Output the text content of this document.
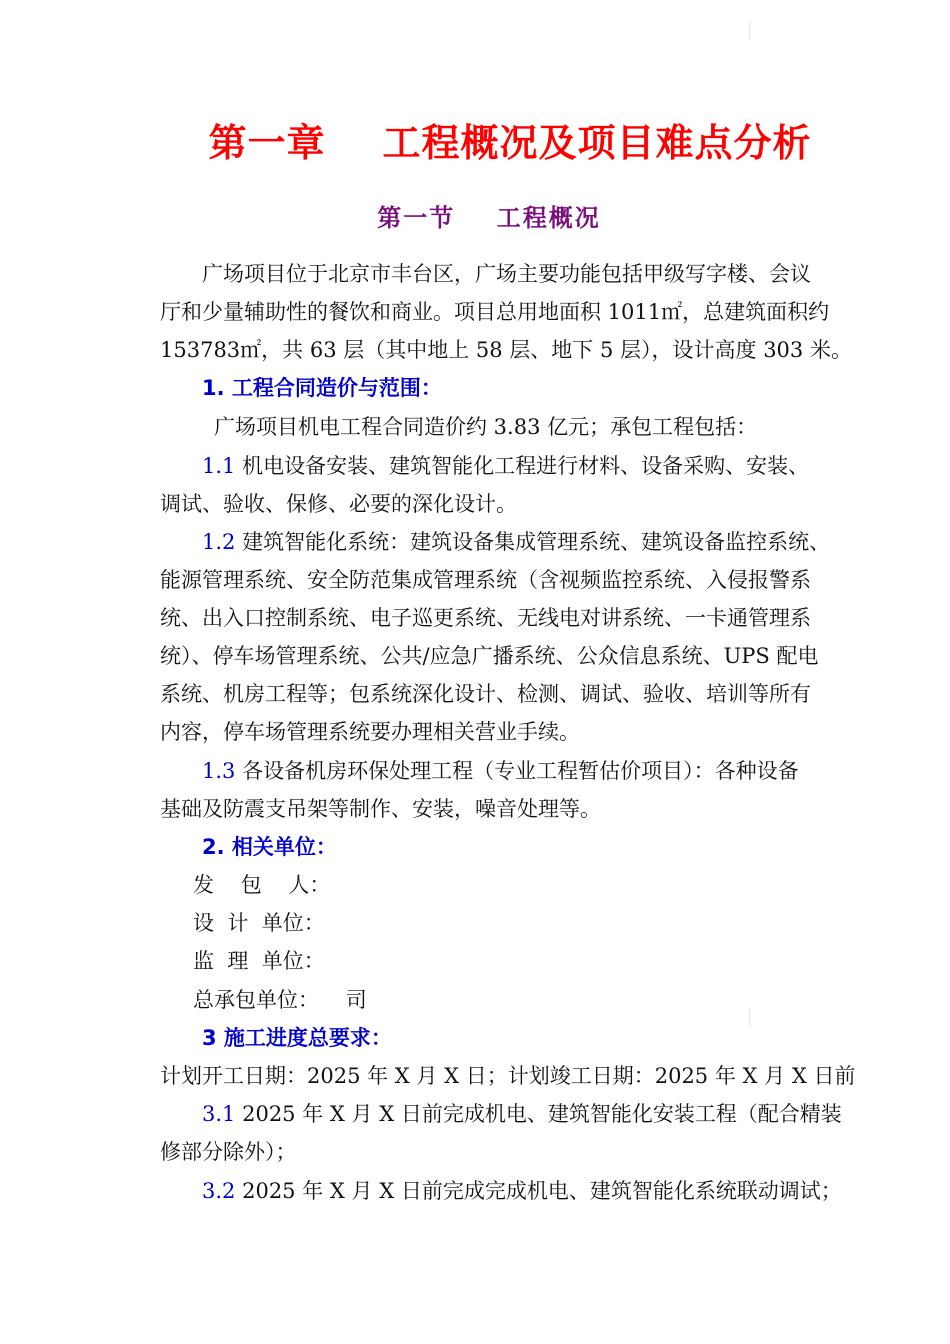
第一章    工程概况及项目难点分析
第一节    工程概况
广场项目位于北京市丰台区，广场主要功能包括甲级写字楼、会议
厅和少量辅助性的餐饮和商业。项目总用地面积 1011㎡，总建筑面积约
153783㎡，共 63 层（其中地上 58 层、地下 5 层），设计高度 303 米。
1. 工程合同造价与范围：
广场项目机电工程合同造价约 3.83 亿元；承包工程包括：
1.1 机电设备安装、建筑智能化工程进行材料、设备采购、安装、
调试、验收、保修、必要的深化设计。
1.2 建筑智能化系统：建筑设备集成管理系统、建筑设备监控系统、
能源管理系统、安全防范集成管理系统（含视频监控系统、入侵报警系
统、出入口控制系统、电子巡更系统、无线电对讲系统、一卡通管理系
统）、停车场管理系统、公共/应急广播系统、公众信息系统、UPS 配电
系统、机房工程等；包系统深化设计、检测、调试、验收、培训等所有
内容，停车场管理系统要办理相关营业手续。
1.3 各设备机房环保处理工程（专业工程暂估价项目）：各种设备
基础及防震支吊架等制作、安装，噪音处理等。
2. 相关单位：
发    包    人：
设  计  单位：
监  理  单位：
总承包单位：    司
3 施工进度总要求：
计划开工日期：2025 年 X 月 X 日；计划竣工日期：2025 年 X 月 X 日前
3.1 2025 年 X 月 X 日前完成机电、建筑智能化安装工程（配合精装
修部分除外）；
3.2 2025 年 X 月 X 日前完成完成机电、建筑智能化系统联动调试；
